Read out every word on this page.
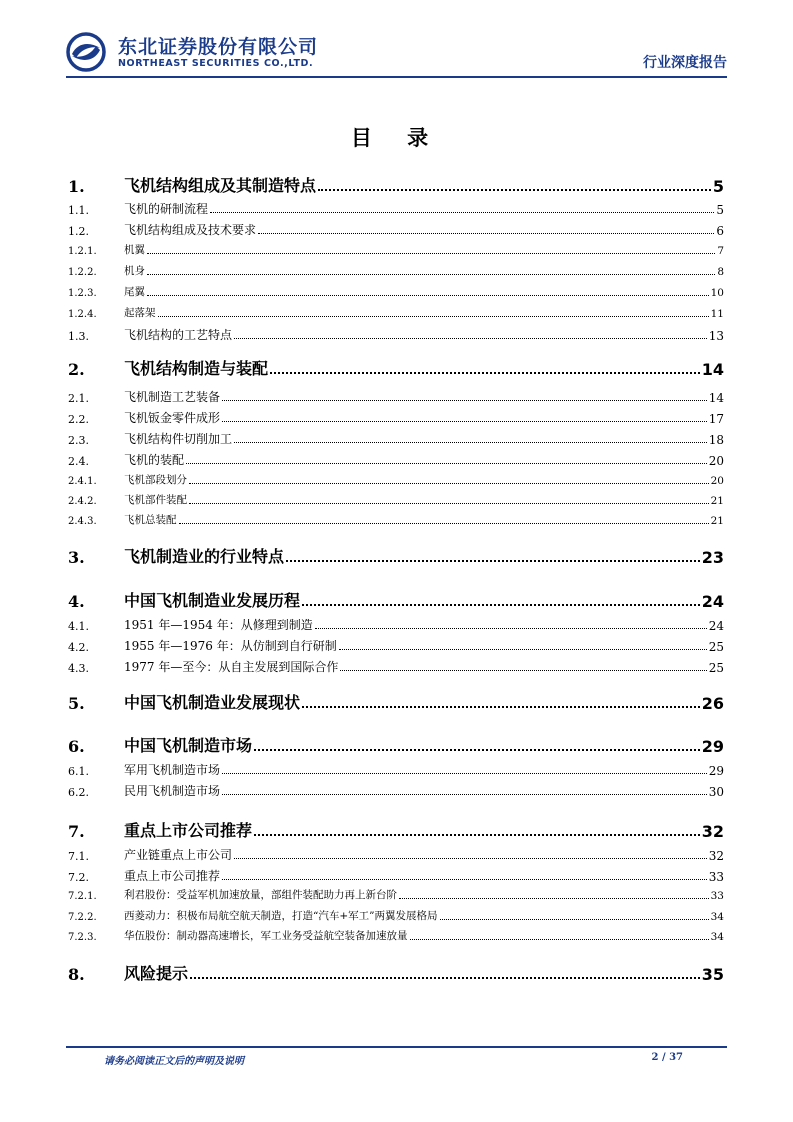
东北证券股份有限公司
NORTHEAST SECURITIES CO.,LTD.	行业深度报告
目 录
1. 飞机结构组成及其制造特点	5
1.1.	飞机的研制流程	5
1.2.	飞机结构组成及技术要求	6
1.2.1.	机翼	7
1.2.2.	机身	8
1.2.3.	尾翼	10
1.2.4.	起落架	11
1.3.	飞机结构的工艺特点	13
2. 飞机结构制造与装配	14
2.1.	飞机制造工艺装备	14
2.2.	飞机钣金零件成形	17
2.3.	飞机结构件切削加工	18
2.4.	飞机的装配	20
2.4.1.	飞机部段划分	20
2.4.2.	飞机部件装配	21
2.4.3.	飞机总装配	21
3. 飞机制造业的行业特点	23
4. 中国飞机制造业发展历程	24
4.1.	1951 年—1954 年：从修理到制造	24
4.2.	1955 年—1976 年：从仿制到自行研制	25
4.3.	1977 年—至今：从自主发展到国际合作	25
5. 中国飞机制造业发展现状	26
6. 中国飞机制造市场	29
6.1.	军用飞机制造市场	29
6.2.	民用飞机制造市场	30
7. 重点上市公司推荐	32
7.1.	产业链重点上市公司	32
7.2.	重点上市公司推荐	33
7.2.1.	利君股份：受益军机加速放量，部组件装配助力再上新台阶	33
7.2.2.	西菱动力：积极布局航空航天制造，打造“汽车+军工”两翼发展格局	34
7.2.3.	华伍股份：制动器高速增长，军工业务受益航空装备加速放量	34
8. 风险提示	35
请务必阅读正文后的声明及说明	2 / 37
